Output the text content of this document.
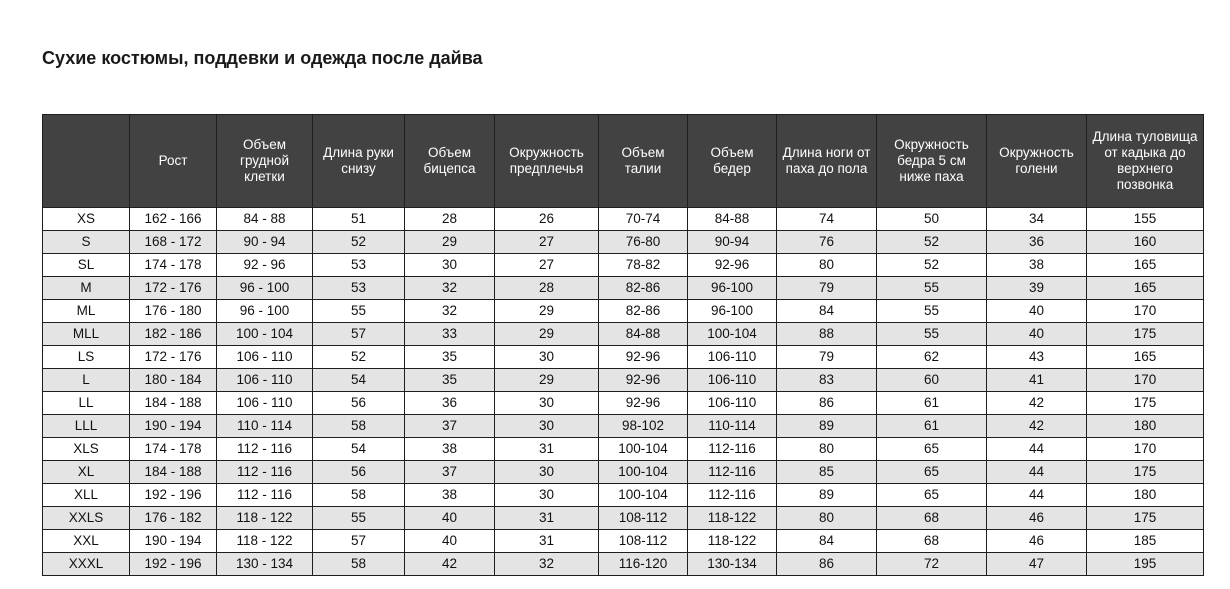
Сухие костюмы, поддевки и одежда после дайва
	Рост	Объем грудной клетки	Длина руки снизу	Объем бицепса	Окружность предплечья	Объем талии	Объем бедер	Длина ноги от паха до пола	Окружность бедра 5 см ниже паха	Окружность голени	Длина туловища от кадыка до верхнего позвонка
XS	162 - 166	84 - 88	51	28	26	70-74	84-88	74	50	34	155
S	168 - 172	90 - 94	52	29	27	76-80	90-94	76	52	36	160
SL	174 - 178	92 - 96	53	30	27	78-82	92-96	80	52	38	165
M	172 - 176	96 - 100	53	32	28	82-86	96-100	79	55	39	165
ML	176 - 180	96 - 100	55	32	29	82-86	96-100	84	55	40	170
MLL	182 - 186	100 - 104	57	33	29	84-88	100-104	88	55	40	175
LS	172 - 176	106 - 110	52	35	30	92-96	106-110	79	62	43	165
L	180 - 184	106 - 110	54	35	29	92-96	106-110	83	60	41	170
LL	184 - 188	106 - 110	56	36	30	92-96	106-110	86	61	42	175
LLL	190 - 194	110 - 114	58	37	30	98-102	110-114	89	61	42	180
XLS	174 - 178	112 - 116	54	38	31	100-104	112-116	80	65	44	170
XL	184 - 188	112 - 116	56	37	30	100-104	112-116	85	65	44	175
XLL	192 - 196	112 - 116	58	38	30	100-104	112-116	89	65	44	180
XXLS	176 - 182	118 - 122	55	40	31	108-112	118-122	80	68	46	175
XXL	190 - 194	118 - 122	57	40	31	108-112	118-122	84	68	46	185
XXXL	192 - 196	130 - 134	58	42	32	116-120	130-134	86	72	47	195
